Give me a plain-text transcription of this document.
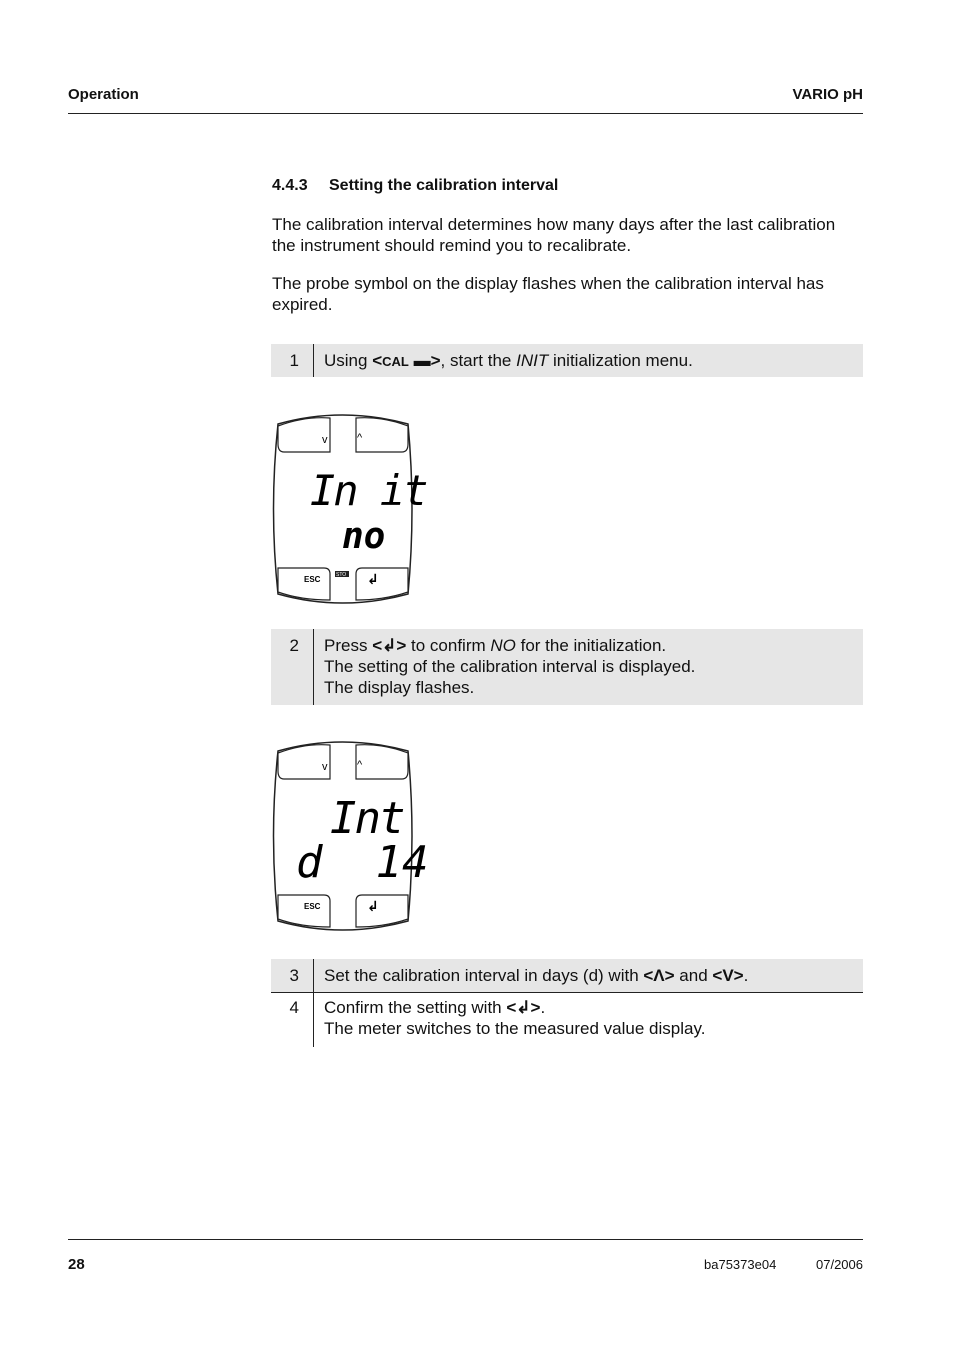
Operation	VARIO pH
4.4.3 Setting the calibration interval
The calibration interval determines how many days after the last calibration the instrument should remind you to recalibrate.
The probe symbol on the display flashes when the calibration interval has expired.
1 Using <CAL ▬>, start the INIT initialization menu.
v	^
ESC	STO ↲
In it
no
2 Press <↲> to confirm NO for the initialization.
The setting of the calibration interval is displayed.
The display flashes.
v	^
ESC	↲
Int
d  14
3 Set the calibration interval in days (d) with <Λ> and <V>.
4 Confirm the setting with <↲>.
The meter switches to the measured value display.
28	ba75373e04	07/2006
